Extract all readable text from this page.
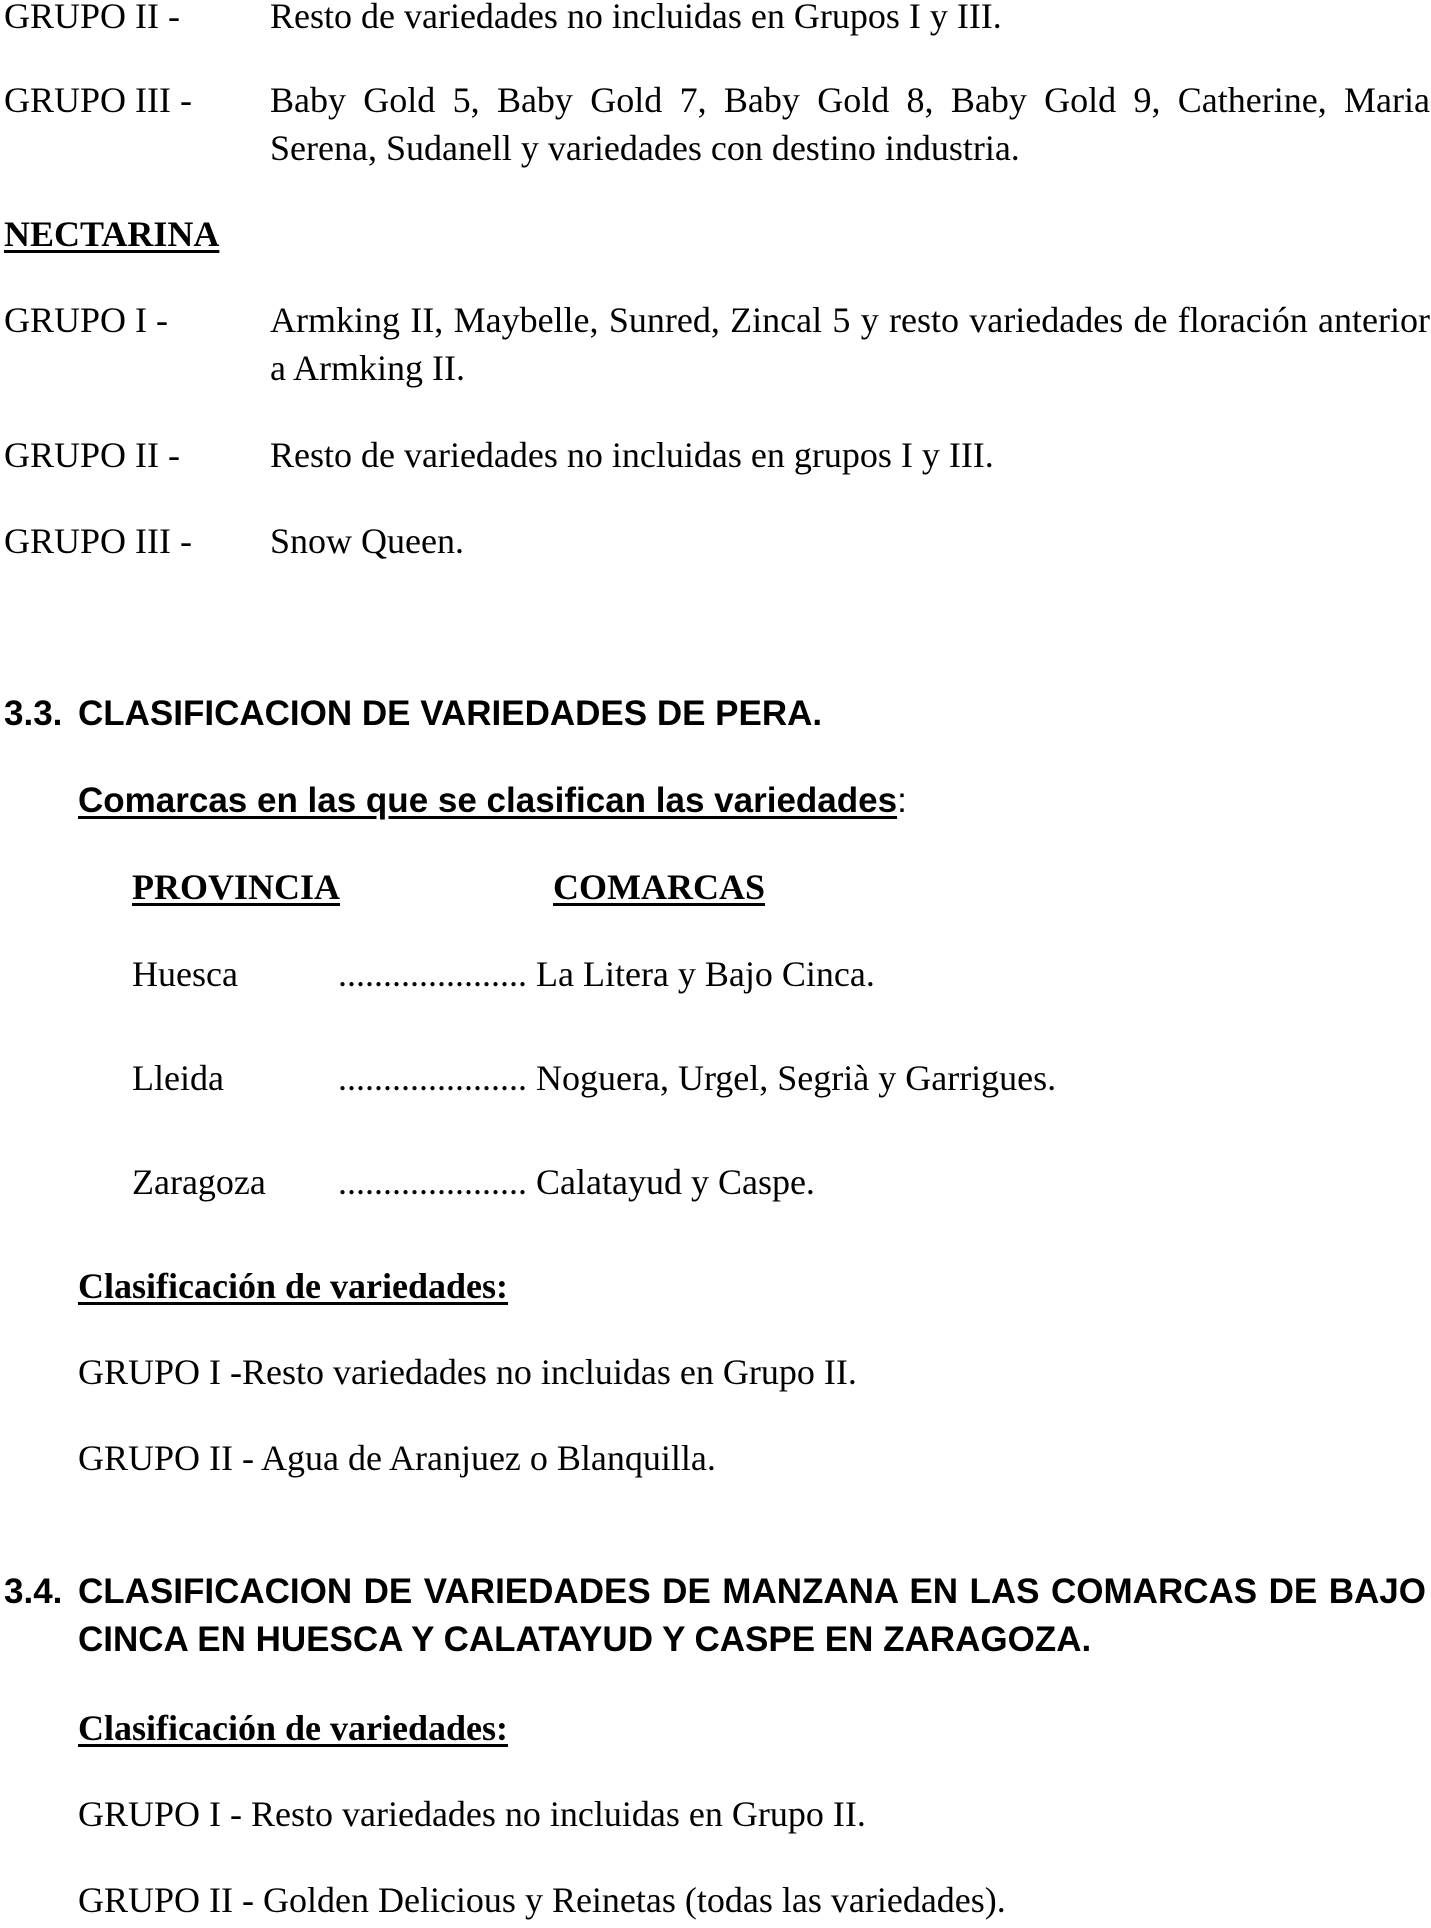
GRUPO II -	Resto de variedades no incluidas en Grupos I y III.
GRUPO III - Baby Gold 5, Baby Gold 7, Baby Gold 8, Baby Gold 9, Catherine, Maria
Serena, Sudanell y variedades con destino industria.
NECTARINA
GRUPO I -	Armking II, Maybelle, Sunred, Zincal 5 y resto variedades de floración anterior
a Armking II.
GRUPO II -	Resto de variedades no incluidas en grupos I y III.
GRUPO III - Snow Queen.
3.3. CLASIFICACION DE VARIEDADES DE PERA.
Comarcas en las que se clasifican las variedades:
PROVINCIA	COMARCAS
Huesca	..................... La Litera y Bajo Cinca.
Lleida	..................... Noguera, Urgel, Segrià y Garrigues.
Zaragoza ..................... Calatayud y Caspe.
Clasificación de variedades:
GRUPO I -Resto variedades no incluidas en Grupo II.
GRUPO II - Agua de Aranjuez o Blanquilla.
3.4. CLASIFICACION DE VARIEDADES DE MANZANA EN LAS COMARCAS DE BAJO CINCA EN HUESCA Y CALATAYUD Y CASPE EN ZARAGOZA.
Clasificación de variedades:
GRUPO I - Resto variedades no incluidas en Grupo II.
GRUPO II - Golden Delicious y Reinetas (todas las variedades).
